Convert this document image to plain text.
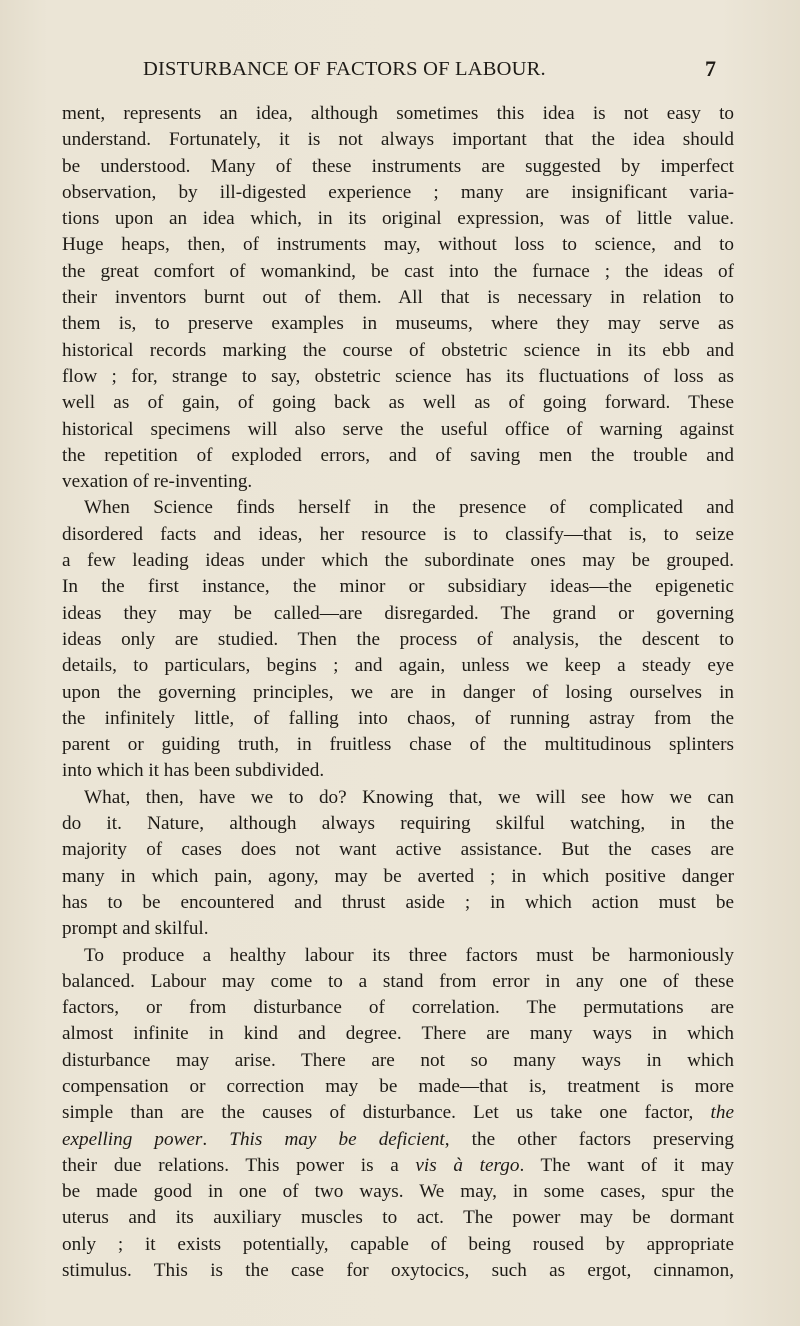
DISTURBANCE OF FACTORS OF LABOUR.	7
ment, represents an idea, although sometimes this idea is not easy to
understand. Fortunately, it is not always important that the idea should
be understood. Many of these instruments are suggested by imperfect
observation, by ill-digested experience ; many are insignificant varia-
tions upon an idea which, in its original expression, was of little value.
Huge heaps, then, of instruments may, without loss to science, and to
the great comfort of womankind, be cast into the furnace ; the ideas of
their inventors burnt out of them. All that is necessary in relation to
them is, to preserve examples in museums, where they may serve as
historical records marking the course of obstetric science in its ebb and
flow ; for, strange to say, obstetric science has its fluctuations of loss as
well as of gain, of going back as well as of going forward. These
historical specimens will also serve the useful office of warning against
the repetition of exploded errors, and of saving men the trouble and
vexation of re-inventing.
When Science finds herself in the presence of complicated and
disordered facts and ideas, her resource is to classify—that is, to seize
a few leading ideas under which the subordinate ones may be grouped.
In the first instance, the minor or subsidiary ideas—the epigenetic
ideas they may be called—are disregarded. The grand or governing
ideas only are studied. Then the process of analysis, the descent to
details, to particulars, begins ; and again, unless we keep a steady eye
upon the governing principles, we are in danger of losing ourselves in
the infinitely little, of falling into chaos, of running astray from the
parent or guiding truth, in fruitless chase of the multitudinous splinters
into which it has been subdivided.
What, then, have we to do? Knowing that, we will see how we can
do it. Nature, although always requiring skilful watching, in the
majority of cases does not want active assistance. But the cases are
many in which pain, agony, may be averted ; in which positive danger
has to be encountered and thrust aside ; in which action must be
prompt and skilful.
To produce a healthy labour its three factors must be harmoniously
balanced. Labour may come to a stand from error in any one of these
factors, or from disturbance of correlation. The permutations are
almost infinite in kind and degree. There are many ways in which
disturbance may arise. There are not so many ways in which
compensation or correction may be made—that is, treatment is more
simple than are the causes of disturbance. Let us take one factor, the
expelling power. This may be deficient, the other factors preserving
their due relations. This power is a vis à tergo. The want of it may
be made good in one of two ways. We may, in some cases, spur the
uterus and its auxiliary muscles to act. The power may be dormant
only ; it exists potentially, capable of being roused by appropriate
stimulus. This is the case for oxytocics, such as ergot, cinnamon,
